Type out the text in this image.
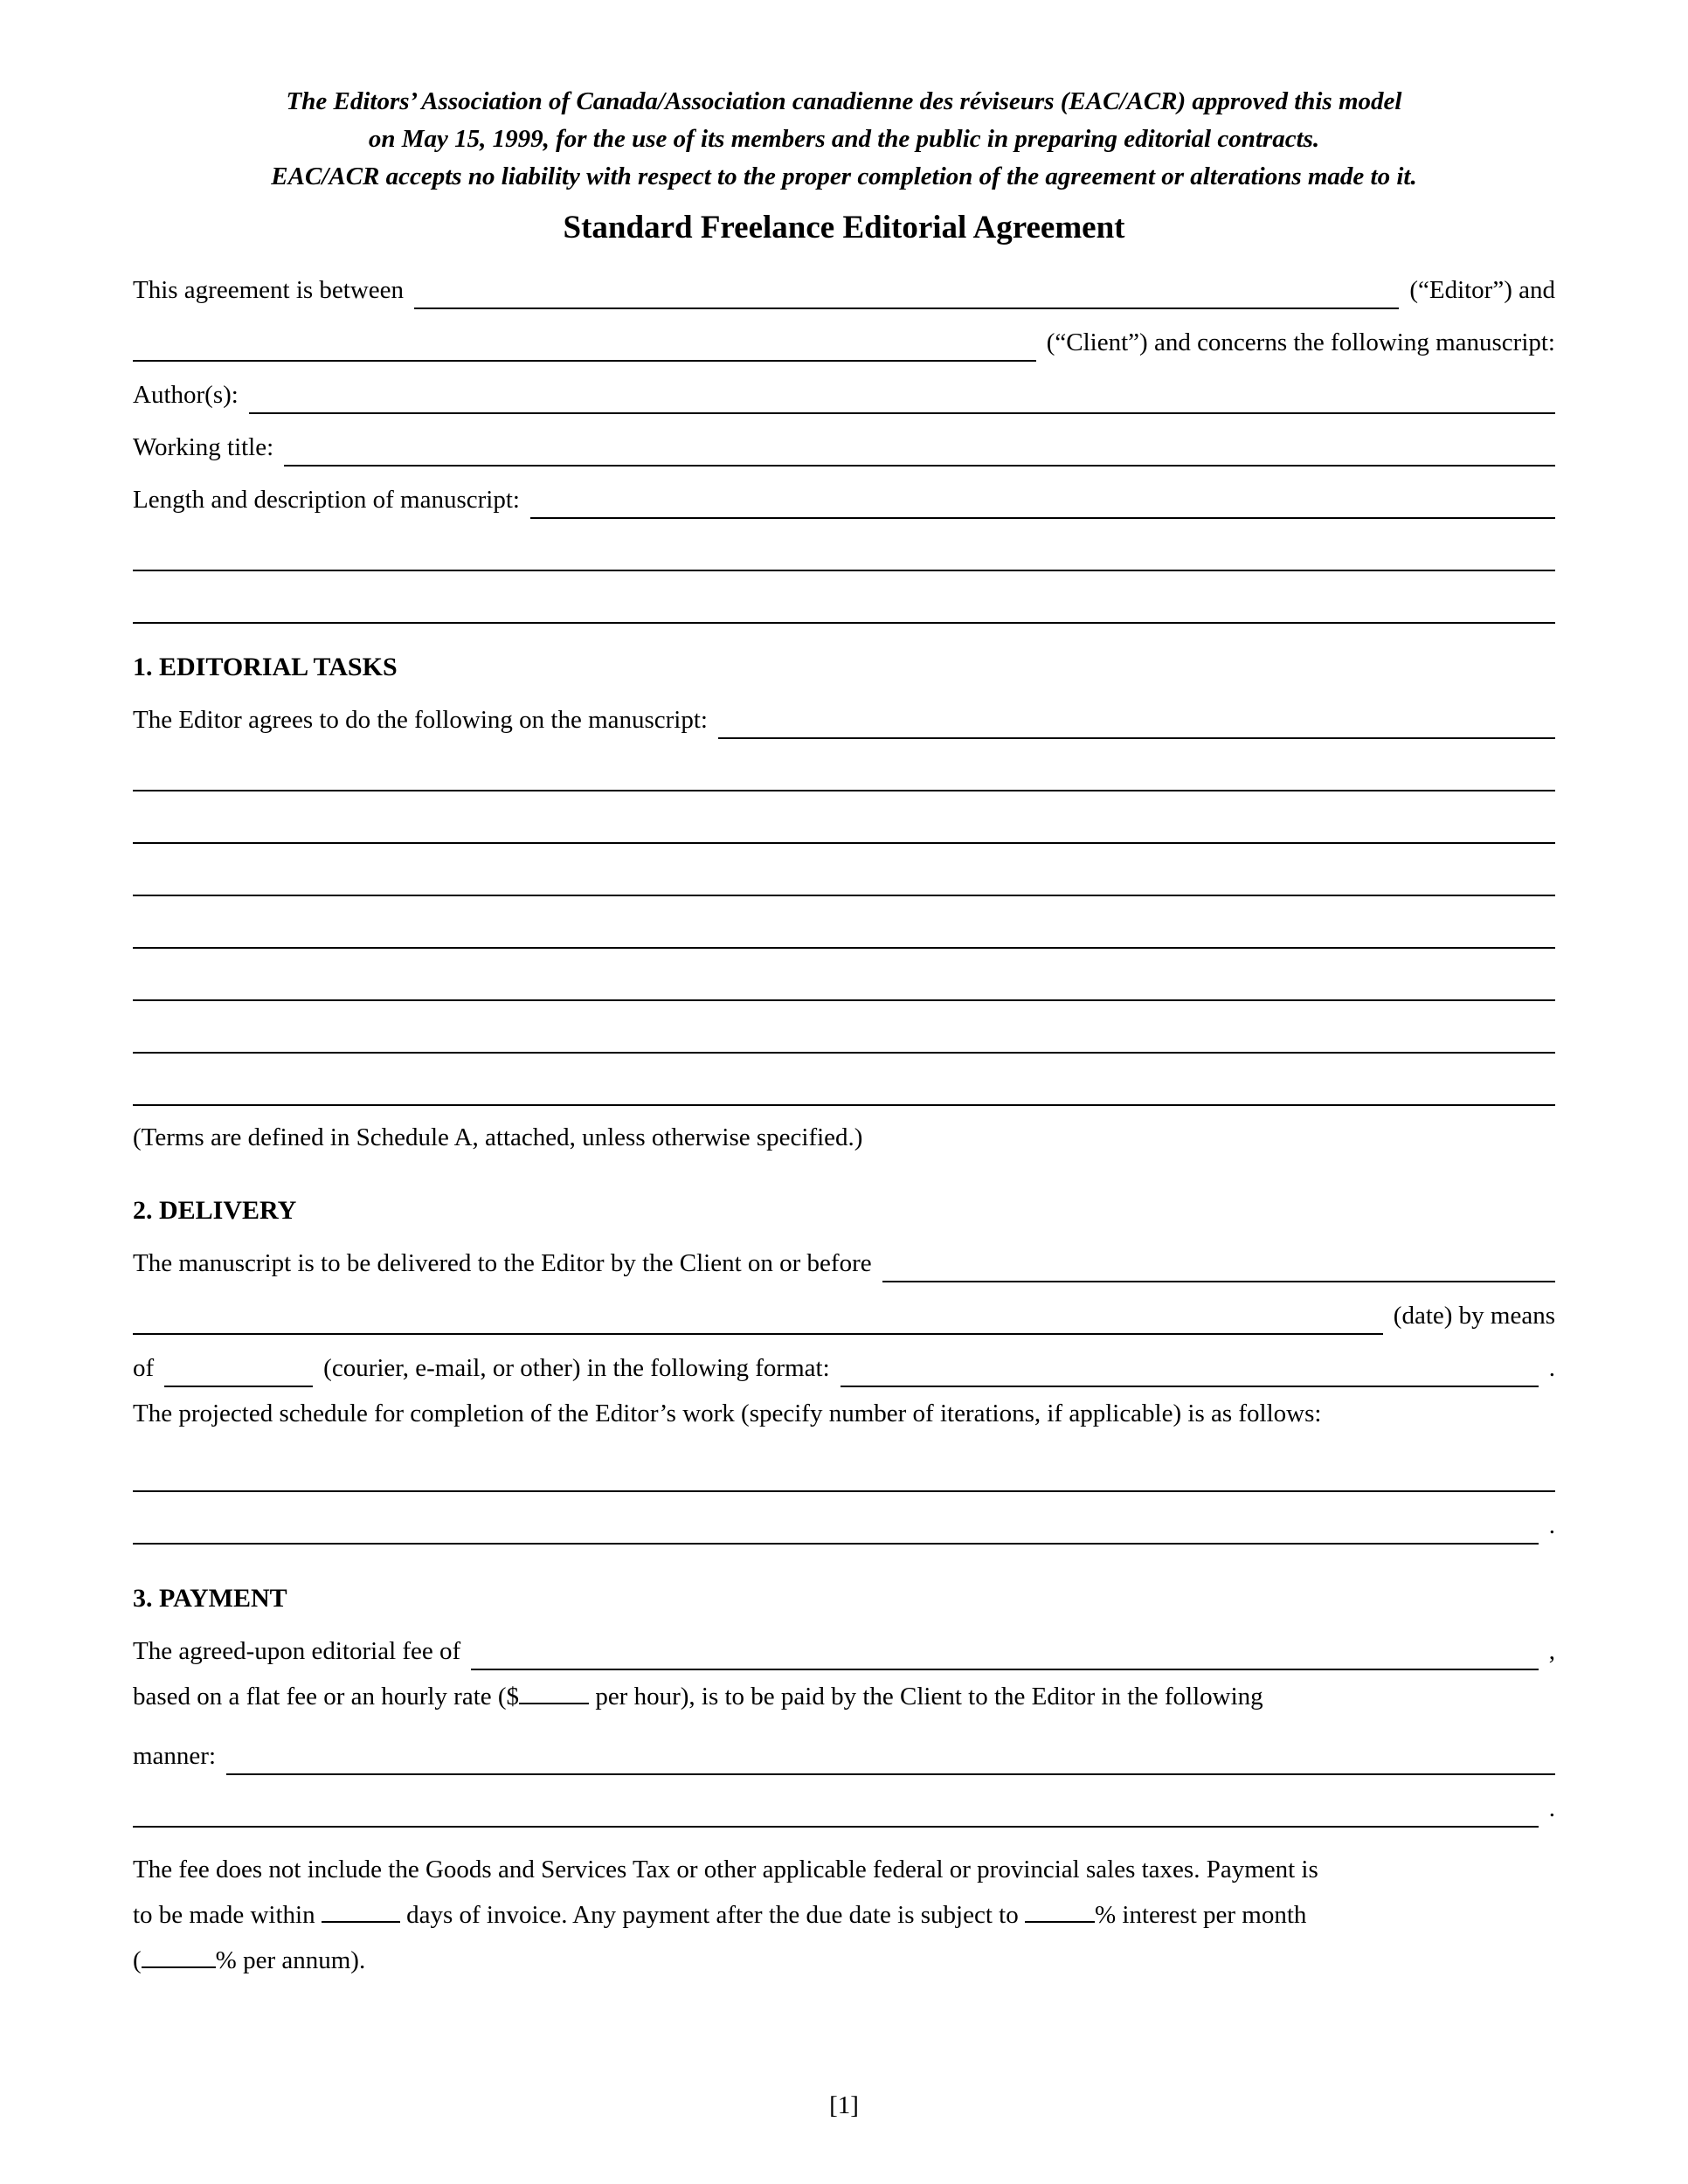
The Editors’ Association of Canada/Association canadienne des réviseurs (EAC/ACR) approved this model
on May 15, 1999, for the use of its members and the public in preparing editorial contracts.
EAC/ACR accepts no liability with respect to the proper completion of the agreement or alterations made to it.
Standard Freelance Editorial Agreement
This agreement is between	(“Editor”) and
(“Client”) and concerns the following manuscript:
Author(s):
Working title:
Length and description of manuscript:
1. EDITORIAL TASKS
The Editor agrees to do the following on the manuscript:
(Terms are defined in Schedule A, attached, unless otherwise specified.)
2. DELIVERY
The manuscript is to be delivered to the Editor by the Client on or before
(date) by means
of	(courier, e-mail, or other) in the following format:	.
The projected schedule for completion of the Editor’s work (specify number of iterations, if applicable) is as follows:
.
3. PAYMENT
The agreed-upon editorial fee of	,
based on a flat fee or an hourly rate ($	per hour), is to be paid by the Client to the Editor in the following
manner:
.
The fee does not include the Goods and Services Tax or other applicable federal or provincial sales taxes. Payment is
to be made within	days of invoice. Any payment after the due date is subject to	% interest per month
(	% per annum).
[1]
